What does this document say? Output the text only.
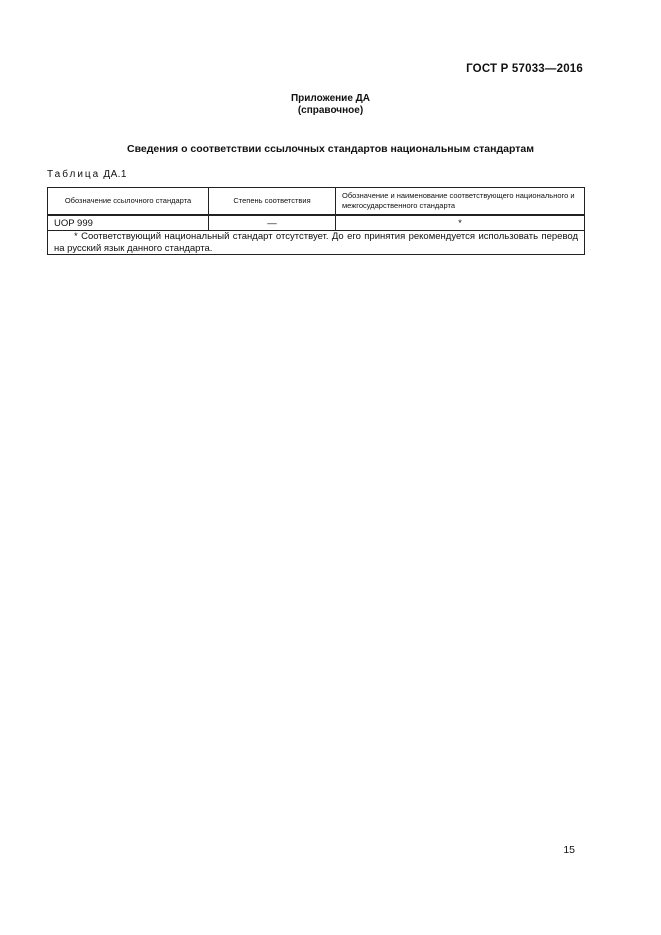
ГОСТ Р 57033—2016
Приложение ДА
(справочное)
Сведения о соответствии ссылочных стандартов национальным стандартам
Таблица ДА.1
Обозначение ссылочного стандарта	Степень соответствия	Обозначение и наименование соответствующего национального и межгосударственного стандарта
UOP 999	—	*
* Соответствующий национальный стандарт отсутствует. До его принятия рекомендуется использовать перевод на русский язык данного стандарта.		
15
